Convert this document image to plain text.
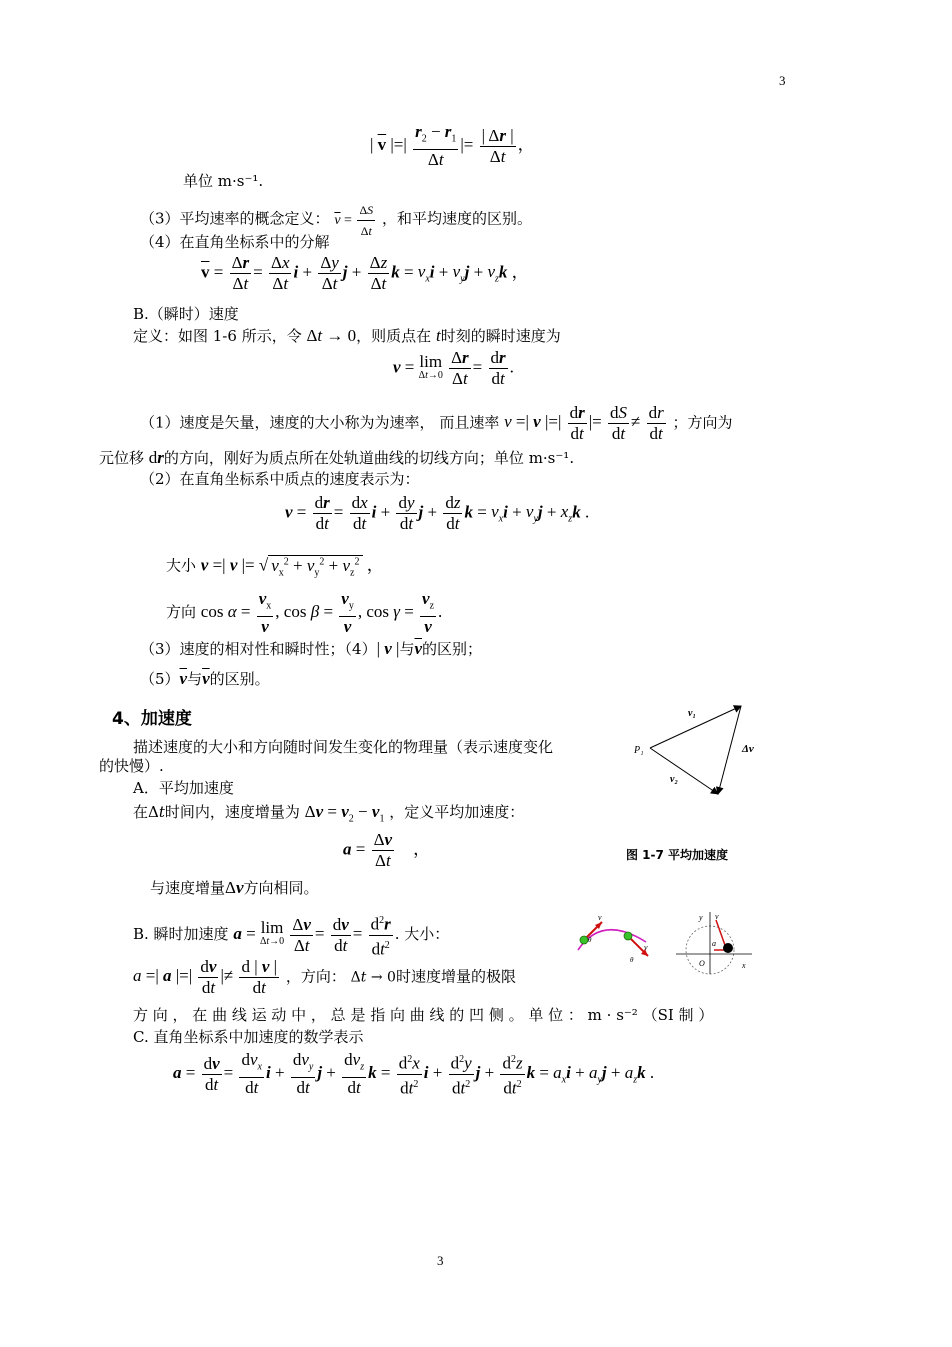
3
| $\overline{v}$ |=| $\frac{r_2 - r_1}{\Delta t}$ |= $\frac{| \Delta r |}{\Delta t}$ ，
单位 m·s⁻¹.
（3）平均速率的概念定义： $\overline{v} = \frac{\Delta S}{\Delta t}$ ，和平均速度的区别。
（4）在直角坐标系中的分解
$\overline{v} = \frac{\Delta r}{\Delta t} = \frac{\Delta x}{\Delta t}$ $i + \frac{\Delta y}{\Delta t}$ $j + \frac{\Delta z}{\Delta t}$ $k = v_xi + v_yj + v_zk$ ，
B.（瞬时）速度
定义：如图 1-6 所示，令 Δt → 0，则质点在 t时刻的瞬时速度为
v = lim
Δt→0
$\frac{\Delta r}{\Delta t} = \frac{dr}{dt}$ .
（1）速度是矢量，速度的大小称为为速率， 而且速率 v =| v |=| $\frac{dr}{dt}$ |= $\frac{dS}{dt} \ne \frac{dr}{dt}$ ；方向为
元位移 dr的方向，刚好为质点所在处轨道曲线的切线方向；单位 m·s⁻¹.
（2）在直角坐标系中质点的速度表示为：
$v = \frac{dr}{dt} = \frac{dx}{dt}$ $i + \frac{dy}{dt}$ $j + \frac{dz}{dt}$ $k = v_xi + v_yj + x_zk$ .
大小 v =| v |= √ $v_x^2 + v_y^2 + v_z^2$ ，
方向 $\cos \alpha = \frac{v_x}{v}$ , $\cos \beta = \frac{v_y}{v}$ , $\cos \gamma = \frac{v_z}{v}$ .
（3）速度的相对性和瞬时性；（4）| v |与$\overline{v}$的区别；
$(5)\overline{v}$与$\overline{v}$的区别。
4、加速度
描述速度的大小和方向随时间发生变化的物理量（表示速度变化
的快慢）.
A．平均加速度
在Δt时间内，速度增量为 $\Delta v = v_2 - v_1$ ，定义平均加速度：
$a = \frac{\Delta v}{\Delta t}$ ，	图 1-7 平均加速度
与速度增量Δv方向相同。
P₁
v₁
v₂
Δv
B. 瞬时加速度 a = lim
Δt→0
$\frac{\Delta v}{\Delta t} = \frac{dv}{dt} = \frac{d^2r}{dt^2}$ . 大小：
a =| a |=| $\frac{dv}{dt}$ |≠ $\frac{d | v |}{dt}$ ，方向： Δt → 0时速度增量的极限
v
v
θ
θ
y
x
O
v
a
方 向 ， 在 曲 线 运 动 中 ， 总 是 指 向 曲 线 的 凹 侧 。 单 位 ： m · s⁻² （SI 制 ）
C. 直角坐标系中加速度的数学表示
$a = \frac{dv}{dt} = \frac{dv_x}{dt}$ $i + \frac{dv_y}{dt}$ $j + \frac{dv_z}{dt}$ $k = \frac{d^2x}{dt^2}$ $i + \frac{d^2y}{dt^2}$ $j + \frac{d^2z}{dt^2}$ $k = a_xi + a_yj + a_zk$ .
3
